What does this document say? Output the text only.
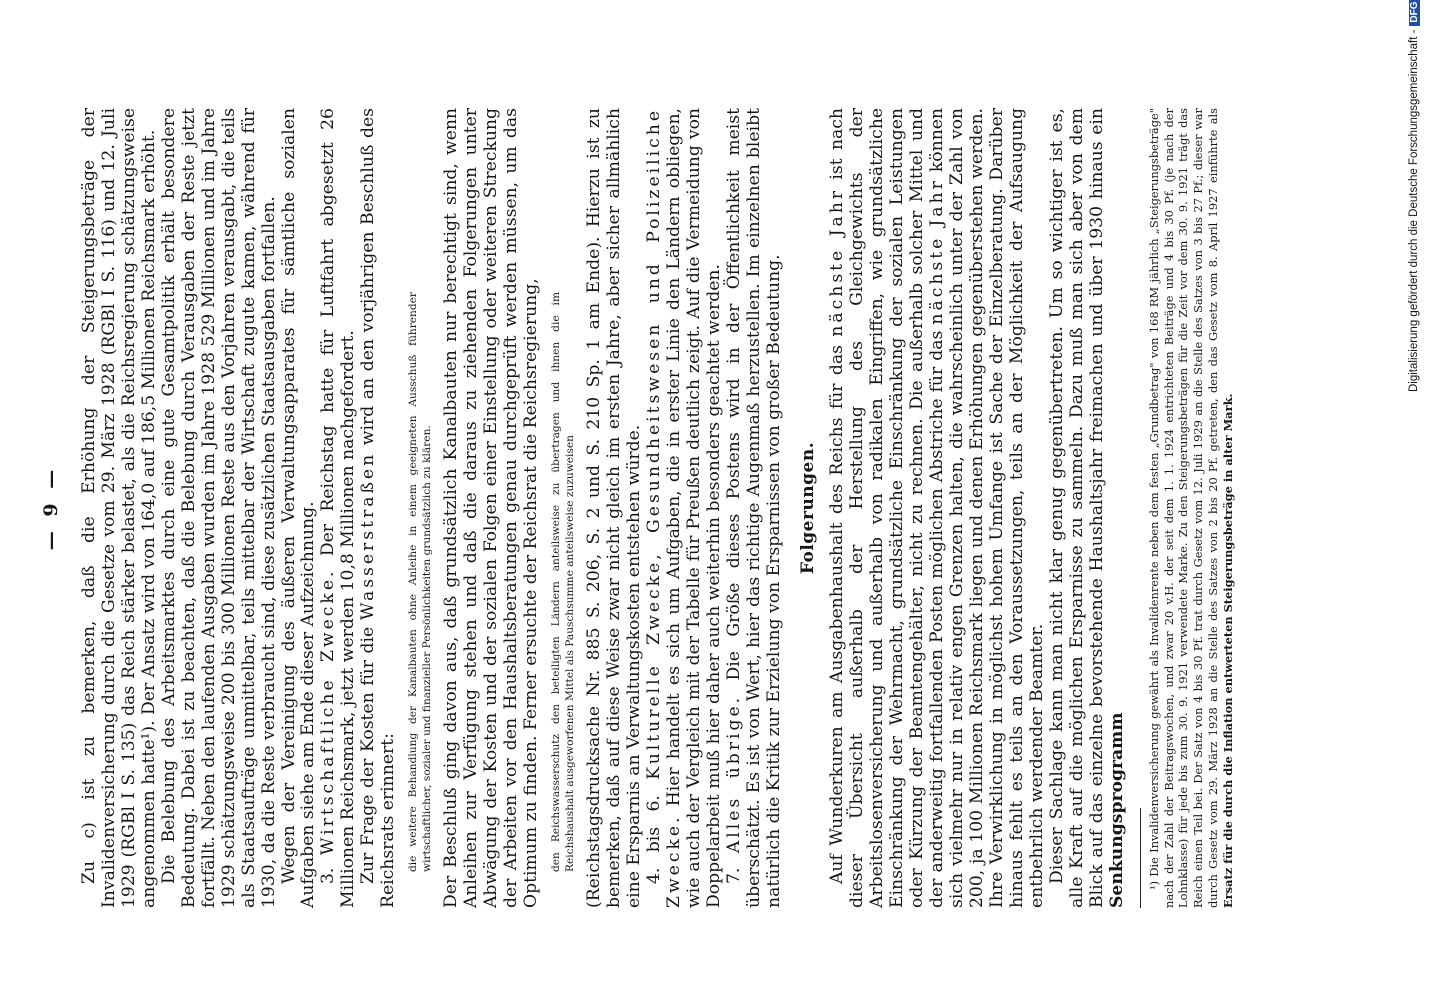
— 9 — Zu c) ist zu bemerken, daß die Erhöhung der Steigerungsbeträge der Invalidenversicherung durch die Gesetze vom 29. März 1928 (RGBl I S. 116) und 12. Juli 1929 (RGBl I S. 135) das Reich stärker belastet, als die Reichsregierung schätzungsweise angenommen hatte¹). Der Ansatz wird von 164,0 auf 186,5 Millionen Reichsmark erhöht. Die Belebung des Arbeitsmarktes durch eine gute Gesamtpolitik erhält besondere Bedeutung. Dabei ist zu beachten, daß die Belebung durch Verausgaben der Reste jetzt fortfällt. Neben den laufenden Ausgaben wurden im Jahre 1928 529 Millionen und im Jahre 1929 schätzungsweise 200 bis 300 Millionen Reste aus den Vorjahren verausgabt, die teils als Staatsaufträge unmittelbar, teils mittelbar der Wirtschaft zugute kamen, während für 1930, da die Reste verbraucht sind, diese zusätzlichen Staatsausgaben fortfallen. Wegen der Vereinigung des äußeren Verwaltungsapparates für sämtliche sozialen Aufgaben siehe am Ende dieser Aufzeichnung. 3. Wirtschaftliche Zwecke. Der Reichstag hatte für Luftfahrt abgesetzt 26 Millionen Reichsmark, jetzt werden 10,8 Millionen nachgefordert. Zur Frage der Kosten für die Wasserstraßen wird an den vorjährigen Beschluß des Reichsrats erinnert: die weitere Behandlung der Kanalbauten ohne Anleihe in einem geeigneten Ausschuß führender wirtschaftlicher, sozialer und finanzieller Persönlichkeiten grundsätzlich zu klären. Der Beschluß ging davon aus, daß grundsätzlich Kanalbauten nur berechtigt sind, wenn Anleihen zur Verfügung stehen und daß die daraus zu ziehenden Folgerungen unter Abwägung der Kosten und der sozialen Folgen einer Einstellung oder weiteren Streckung der Arbeiten vor den Haushaltsberatungen genau durchgeprüft werden müssen, um das Optimum zu finden. Ferner ersuchte der Reichsrat die Reichsregierung, den Reichswasserschutz den beteiligten Ländern anteilsweise zu übertragen und ihnen die im Reichshaushalt ausgeworfenen Mittel als Pauschsumme anteilsweise zuzuweisen (Reichstagsdrucksache Nr. 885 S. 206, S. 2 und S. 210 Sp. 1 am Ende). Hierzu ist zu bemerken, daß auf diese Weise zwar nicht gleich im ersten Jahre, aber sicher allmählich eine Ersparnis an Verwaltungskosten entstehen würde. 4. bis 6. Kulturelle Zwecke, Gesundheitswesen und Polizeiliche Zwecke. Hier handelt es sich um Aufgaben, die in erster Linie den Ländern obliegen, wie auch der Vergleich mit der Tabelle für Preußen deutlich zeigt. Auf die Vermeidung von Doppelarbeit muß hier daher auch weiterhin besonders geachtet werden. 7. Alles übrige. Die Größe dieses Postens wird in der Öffentlichkeit meist überschätzt. Es ist von Wert, hier das richtige Augenmaß herzustellen. Im einzelnen bleibt natürlich die Kritik zur Erzielung von Ersparnissen von großer Bedeutung. Folgerungen. Auf Wunderkuren am Ausgabenhaushalt des Reichs für das nächste Jahr ist nach dieser Übersicht außerhalb der Herstellung des Gleichgewichts der Arbeitslosenversicherung und außerhalb von radikalen Eingriffen, wie grundsätzliche Einschränkung der Wehrmacht, grundsätzliche Einschränkung der sozialen Leistungen oder Kürzung der Beamtengehälter, nicht zu rechnen. Die außerhalb solcher Mittel und der anderweitig fortfallenden Posten möglichen Abstriche für das nächste Jahr können sich vielmehr nur in relativ engen Grenzen halten, die wahrscheinlich unter der Zahl von 200, ja 100 Millionen Reichsmark liegen und denen Erhöhungen gegenüberstehen werden. Ihre Verwirklichung in möglichst hohem Umfange ist Sache der Einzelberatung. Darüber hinaus fehlt es teils an den Voraussetzungen, teils an der Möglichkeit der Aufsaugung entbehrlich werdender Beamter. Dieser Sachlage kann man nicht klar genug gegenübertreten. Um so wichtiger ist es, alle Kraft auf die möglichen Ersparnisse zu sammeln. Dazu muß man sich aber von dem Blick auf das einzelne bevorstehende Haushaltsjahr freimachen und über 1930 hinaus ein Senkungsprogramm ¹) Die Invalidenversicherung gewährt als Invalidenrente neben dem festen „Grundbetrag" von 168 RM jährlich „Steigerungsbeträge" nach der Zahl der Beitragswochen, und zwar 20 v.H. der seit dem 1. 1. 1924 entrichteten Beiträge und 4 bis 30 Pf. (je nach der Lohnklasse) für jede bis zum 30. 9. 1921 verwendete Marke. Zu den Steigerungsbeträgen für die Zeit vor dem 30. 9. 1921 trägt das Reich einen Teil bei. Der Satz von 4 bis 30 Pf. trat durch Gesetz vom 12. Juli 1929 an die Stelle des Satzes von 3 bis 27 Pf.; dieser war durch Gesetz vom 29. März 1928 an die Stelle des Satzes von 2 bis 20 Pf. getreten, den das Gesetz vom 8. April 1927 einführte als Ersatz für die durch die Inflation entwerteten Steigerungsbeträge in alter Mark.
Digitalisierung gefördert durch die Deutsche Forschungsgemeinschaft -DFG
